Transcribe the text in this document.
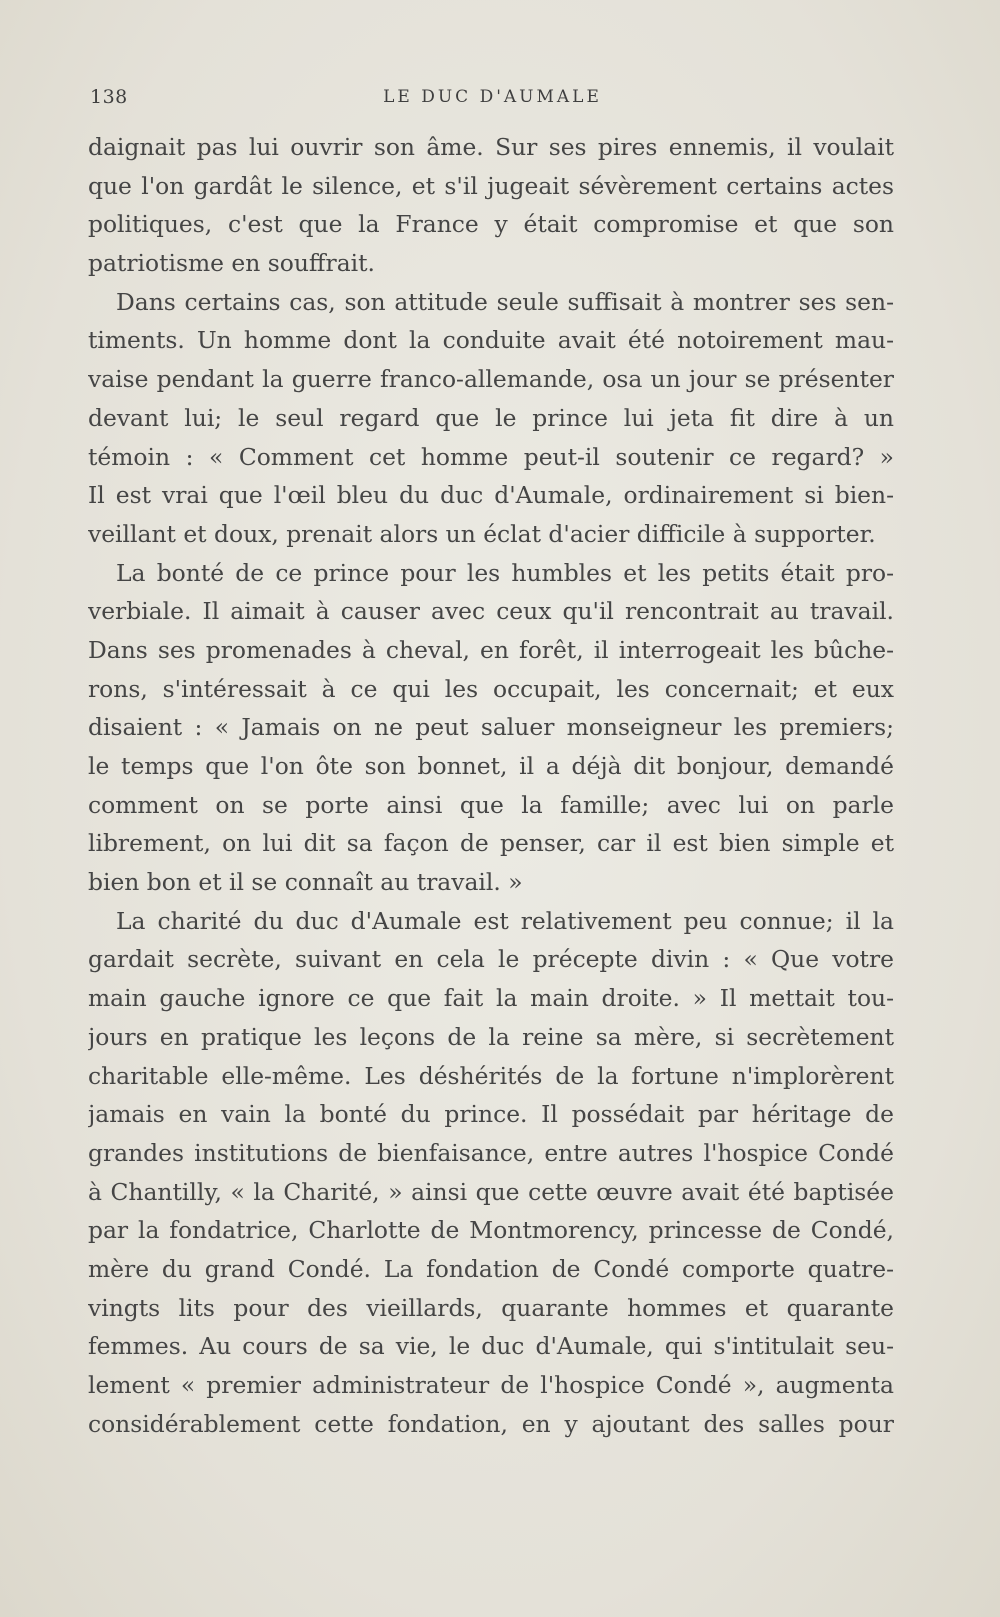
138	LE DUC D'AUMALE
daignait pas lui ouvrir son âme. Sur ses pires ennemis, il voulait
que l'on gardât le silence, et s'il jugeait sévèrement certains actes
politiques, c'est que la France y était compromise et que son
patriotisme en souffrait.
Dans certains cas, son attitude seule suffisait à montrer ses sen-
timents. Un homme dont la conduite avait été notoirement mau-
vaise pendant la guerre franco-allemande, osa un jour se présenter
devant lui; le seul regard que le prince lui jeta fit dire à un
témoin : « Comment cet homme peut-il soutenir ce regard? »
Il est vrai que l'œil bleu du duc d'Aumale, ordinairement si bien-
veillant et doux, prenait alors un éclat d'acier difficile à supporter.
La bonté de ce prince pour les humbles et les petits était pro-
verbiale. Il aimait à causer avec ceux qu'il rencontrait au travail.
Dans ses promenades à cheval, en forêt, il interrogeait les bûche-
rons, s'intéressait à ce qui les occupait, les concernait; et eux
disaient : « Jamais on ne peut saluer monseigneur les premiers;
le temps que l'on ôte son bonnet, il a déjà dit bonjour, demandé
comment on se porte ainsi que la famille; avec lui on parle
librement, on lui dit sa façon de penser, car il est bien simple et
bien bon et il se connaît au travail. »
La charité du duc d'Aumale est relativement peu connue; il la
gardait secrète, suivant en cela le précepte divin : « Que votre
main gauche ignore ce que fait la main droite. » Il mettait tou-
jours en pratique les leçons de la reine sa mère, si secrètement
charitable elle-même. Les déshérités de la fortune n'implorèrent
jamais en vain la bonté du prince. Il possédait par héritage de
grandes institutions de bienfaisance, entre autres l'hospice Condé
à Chantilly, « la Charité, » ainsi que cette œuvre avait été baptisée
par la fondatrice, Charlotte de Montmorency, princesse de Condé,
mère du grand Condé. La fondation de Condé comporte quatre-
vingts lits pour des vieillards, quarante hommes et quarante
femmes. Au cours de sa vie, le duc d'Aumale, qui s'intitulait seu-
lement « premier administrateur de l'hospice Condé », augmenta
considérablement cette fondation, en y ajoutant des salles pour
